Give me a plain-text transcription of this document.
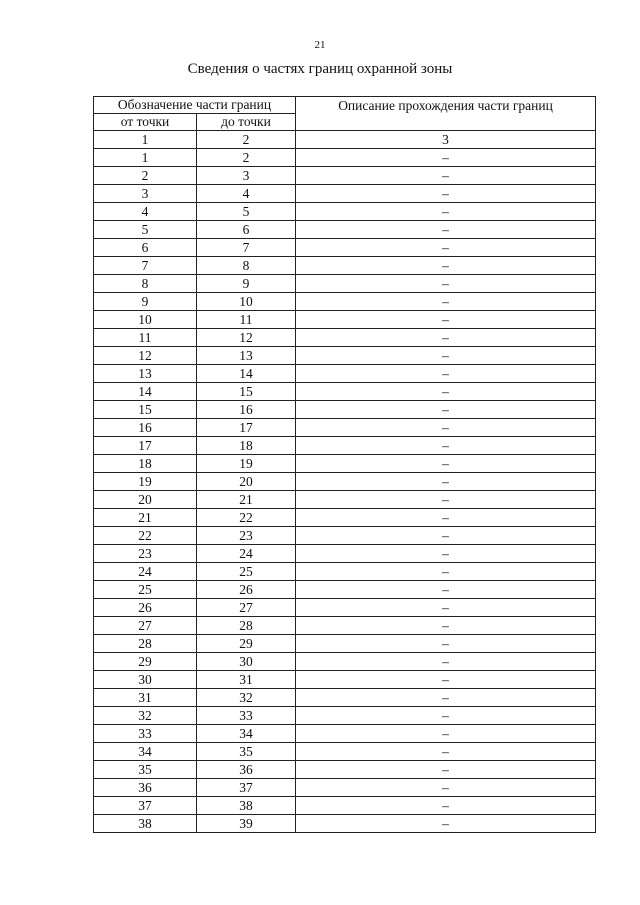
21
Сведения о частях границ охранной зоны
Обозначение части границ		Описание прохождения части границ
от точки	до точки	
1	2	3
1	2	–
2	3	–
3	4	–
4	5	–
5	6	–
6	7	–
7	8	–
8	9	–
9	10	–
10	11	–
11	12	–
12	13	–
13	14	–
14	15	–
15	16	–
16	17	–
17	18	–
18	19	–
19	20	–
20	21	–
21	22	–
22	23	–
23	24	–
24	25	–
25	26	–
26	27	–
27	28	–
28	29	–
29	30	–
30	31	–
31	32	–
32	33	–
33	34	–
34	35	–
35	36	–
36	37	–
37	38	–
38	39	–
